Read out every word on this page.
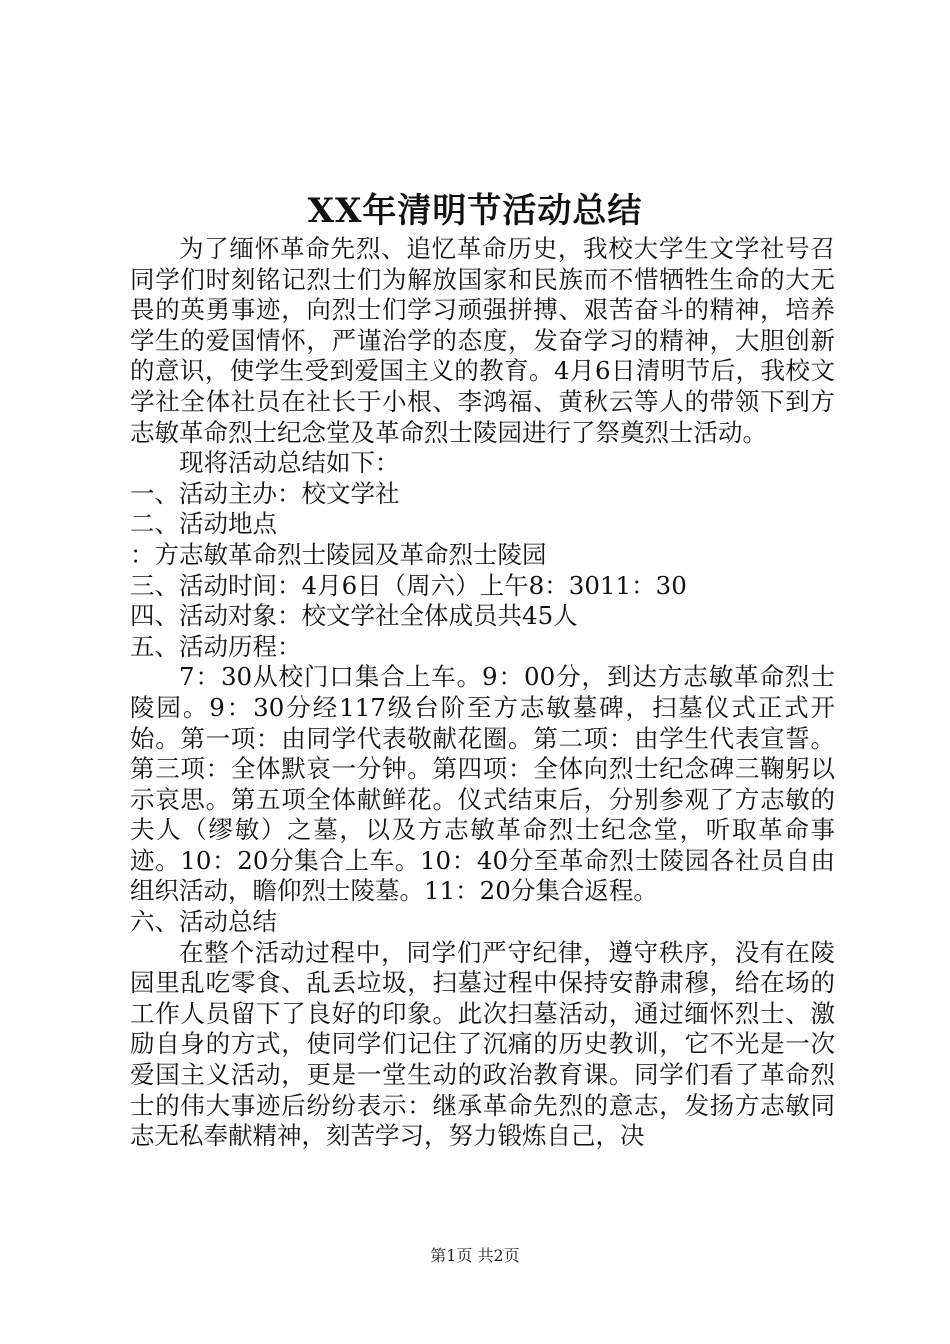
XX年清明节活动总结

为了缅怀革命先烈、追忆革命历史，我校大学生文学社号召同学们时刻铭记烈士们为解放国家和民族而不惜牺牲生命的大无畏的英勇事迹，向烈士们学习顽强拼搏、艰苦奋斗的精神，培养学生的爱国情怀，严谨治学的态度，发奋学习的精神，大胆创新的意识，使学生受到爱国主义的教育。4月6日清明节后，我校文学社全体社员在社长于小根、李鸿福、黄秋云等人的带领下到方志敏革命烈士纪念堂及革命烈士陵园进行了祭奠烈士活动。

现将活动总结如下：

一、活动主办：校文学社

二、活动地点

：方志敏革命烈士陵园及革命烈士陵园

三、活动时间：4月6日（周六）上午8：3011：30

四、活动对象：校文学社全体成员共45人

五、活动历程：

7：30从校门口集合上车。9：00分，到达方志敏革命烈士陵园。9：30分经117级台阶至方志敏墓碑，扫墓仪式正式开始。第一项：由同学代表敬献花圈。第二项：由学生代表宣誓。第三项：全体默哀一分钟。第四项：全体向烈士纪念碑三鞠躬以示哀思。第五项全体献鲜花。仪式结束后，分别参观了方志敏的夫人（缪敏）之墓，以及方志敏革命烈士纪念堂，听取革命事迹。10：20分集合上车。10：40分至革命烈士陵园各社员自由组织活动，瞻仰烈士陵墓。11：20分集合返程。

六、活动总结

在整个活动过程中，同学们严守纪律，遵守秩序，没有在陵园里乱吃零食、乱丢垃圾，扫墓过程中保持安静肃穆，给在场的工作人员留下了良好的印象。此次扫墓活动，通过缅怀烈士、激励自身的方式，使同学们记住了沉痛的历史教训，它不光是一次爱国主义活动，更是一堂生动的政治教育课。同学们看了革命烈士的伟大事迹后纷纷表示：继承革命先烈的意志，发扬方志敏同志无私奉献精神，刻苦学习，努力锻炼自己，决

第1页 共2页
